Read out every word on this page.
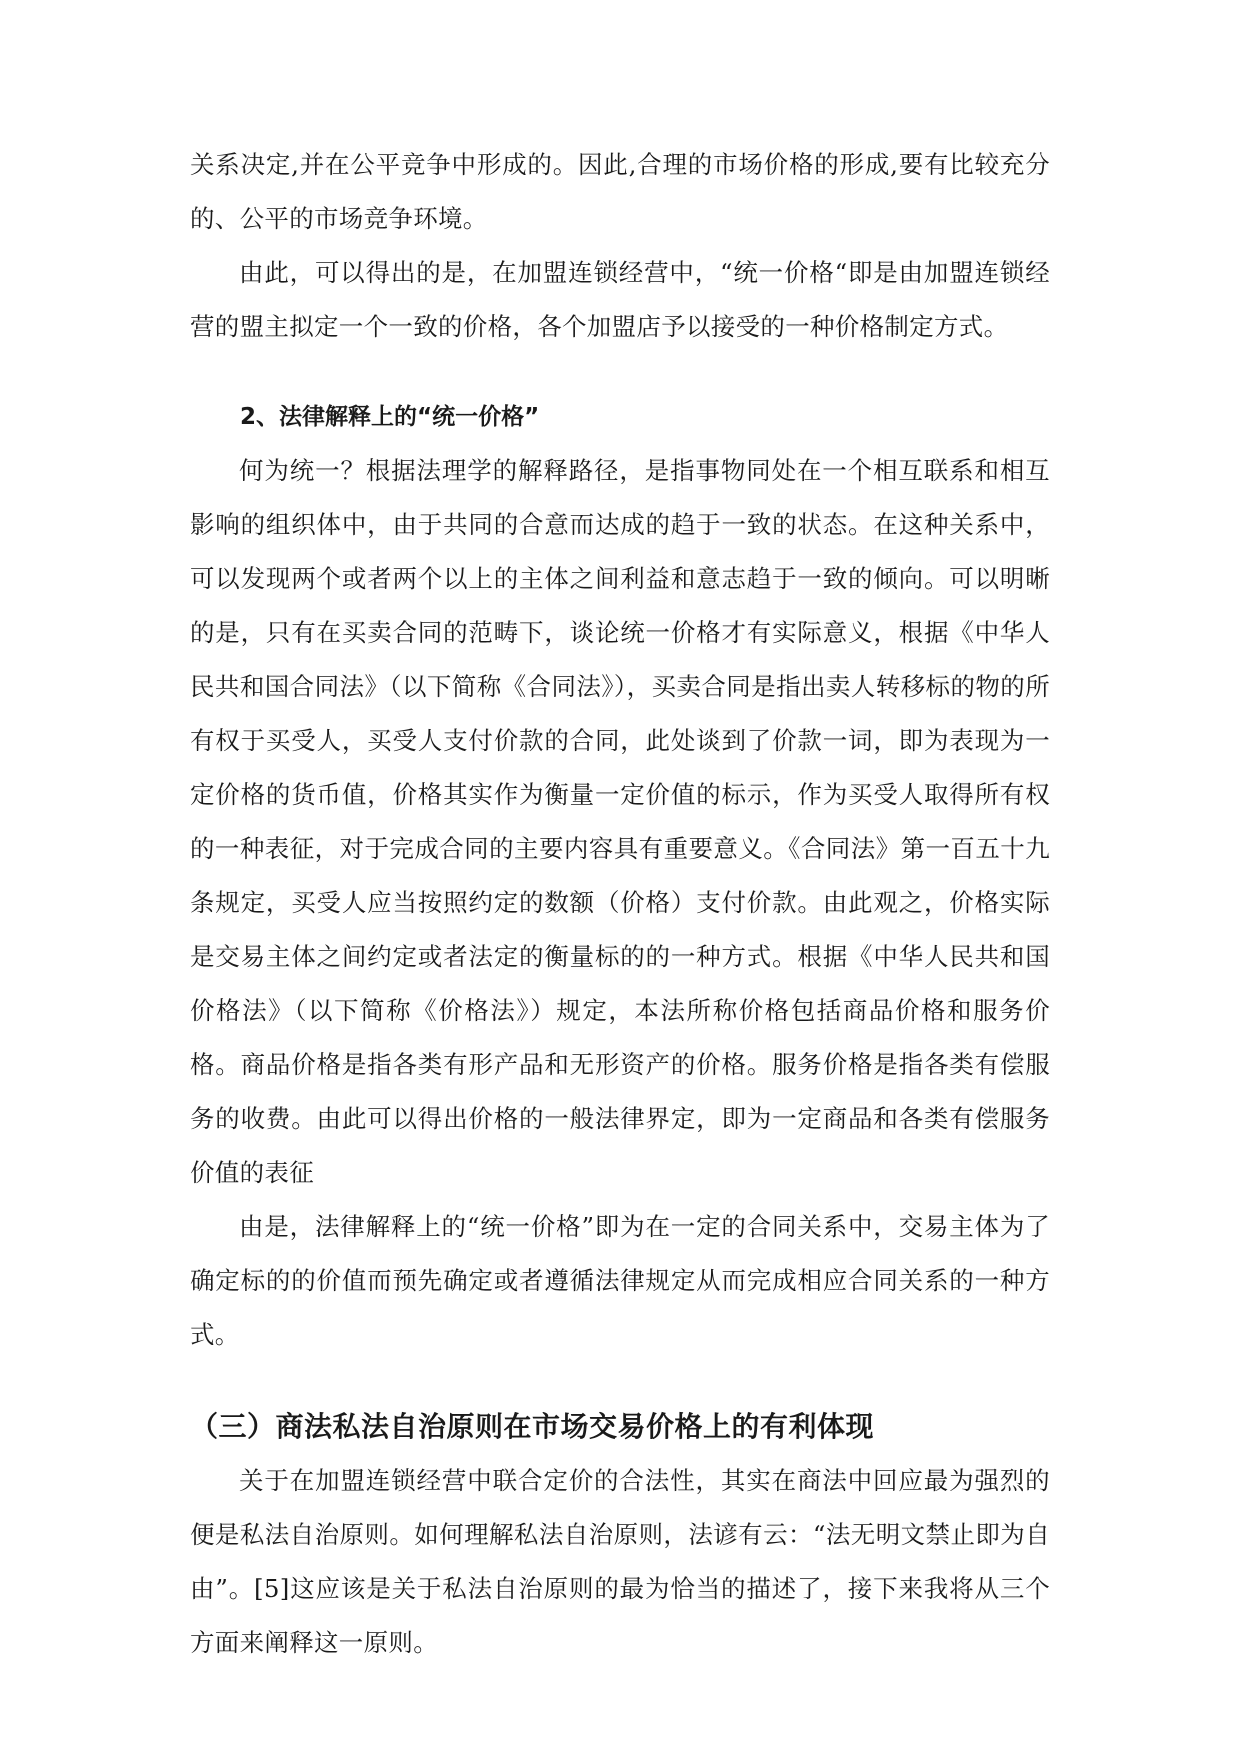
关系决定,并在公平竞争中形成的。因此,合理的市场价格的形成,要有比较充分的、公平的市场竞争环境。

由此，可以得出的是，在加盟连锁经营中，“统一价格“即是由加盟连锁经营的盟主拟定一个一致的价格，各个加盟店予以接受的一种价格制定方式。

2、法律解释上的“统一价格”

何为统一？根据法理学的解释路径，是指事物同处在一个相互联系和相互影响的组织体中，由于共同的合意而达成的趋于一致的状态。在这种关系中，可以发现两个或者两个以上的主体之间利益和意志趋于一致的倾向。可以明晰的是，只有在买卖合同的范畴下，谈论统一价格才有实际意义，根据《中华人民共和国合同法》（以下简称《合同法》），买卖合同是指出卖人转移标的物的所有权于买受人，买受人支付价款的合同，此处谈到了价款一词，即为表现为一定价格的货币值，价格其实作为衡量一定价值的标示，作为买受人取得所有权的一种表征，对于完成合同的主要内容具有重要意义。《合同法》第一百五十九条规定，买受人应当按照约定的数额（价格）支付价款。由此观之，价格实际是交易主体之间约定或者法定的衡量标的的一种方式。根据《中华人民共和国价格法》（以下简称《价格法》）规定，本法所称价格包括商品价格和服务价格。商品价格是指各类有形产品和无形资产的价格。服务价格是指各类有偿服务的收费。由此可以得出价格的一般法律界定，即为一定商品和各类有偿服务价值的表征

由是，法律解释上的“统一价格”即为在一定的合同关系中，交易主体为了确定标的的价值而预先确定或者遵循法律规定从而完成相应合同关系的一种方式。

（三）商法私法自治原则在市场交易价格上的有利体现

关于在加盟连锁经营中联合定价的合法性，其实在商法中回应最为强烈的便是私法自治原则。如何理解私法自治原则，法谚有云：“法无明文禁止即为自由”。[5]这应该是关于私法自治原则的最为恰当的描述了，接下来我将从三个方面来阐释这一原则。
